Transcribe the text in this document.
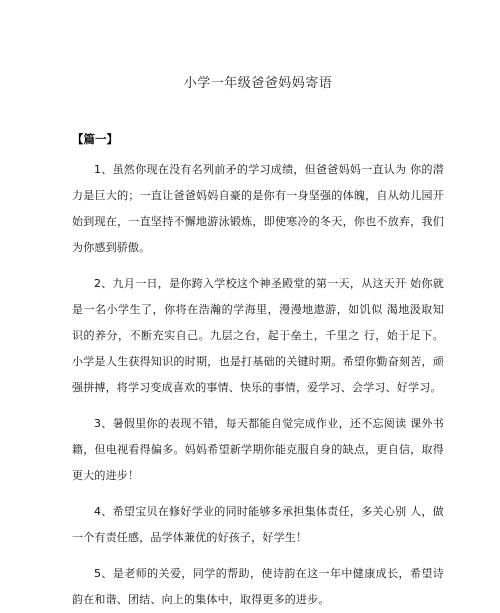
小学一年级爸爸妈妈寄语
【篇一】

1、虽然你现在没有名列前矛的学习成绩，但爸爸妈妈一直认为 你的潜力是巨大的；一直让爸爸妈妈自豪的是你有一身坚强的体魄，自从幼儿园开始到现在，一直坚持不懈地游泳锻炼，即使寒冷的冬天，你也不放弃，我们为你感到骄傲。

2、九月一日，是你跨入学校这个神圣殿堂的第一天，从这天开 始你就是一名小学生了，你将在浩瀚的学海里，漫漫地遨游，如饥似 渴地汲取知识的养分，不断充实自己。九层之台，起于垒土，千里之 行，始于足下。小学是人生获得知识的时期，也是打基础的关键时期。希望你勤奋刻苦，顽强拼搏，将学习变成喜欢的事情、快乐的事情，爱学习、会学习、好学习。

3、暑假里你的表现不错，每天都能自觉完成作业，还不忘阅读 课外书籍，但电视看得偏多。妈妈希望新学期你能克服自身的缺点，更自信，取得更大的进步！

4、希望宝贝在修好学业的同时能够多承担集体责任，多关心别 人，做一个有责任感，品学体兼优的好孩子，好学生！

5、是老师的关爱，同学的帮助，使诗韵在这一年中健康成长，希望诗韵在和谐、团结、向上的集体中，取得更多的进步。
